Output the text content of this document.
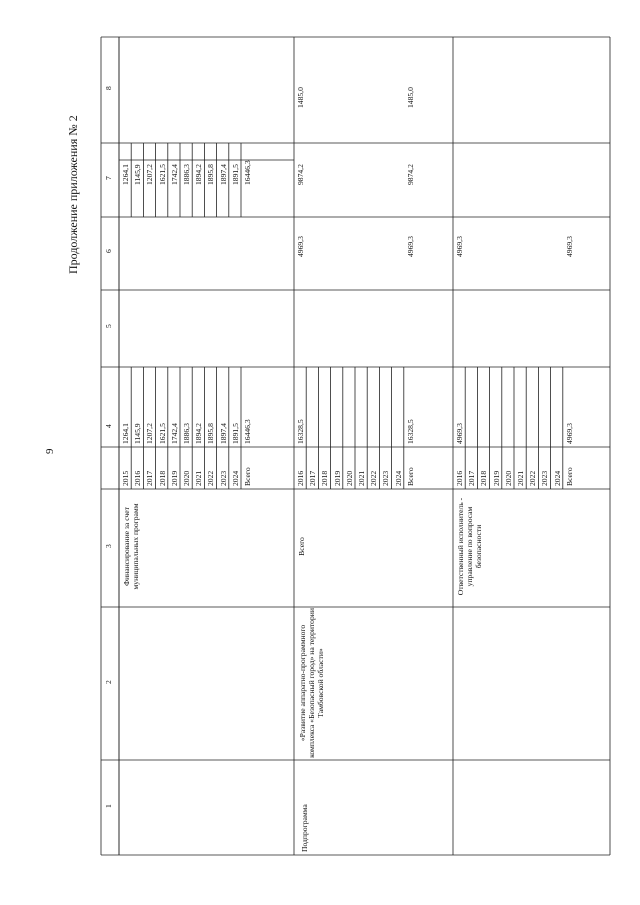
9
Продолжение приложения № 2
1
2
3
4
5
6
7
8
Финансирование за счет муниципальных программ
2015
1264,1
1264,1
2016
1145,9
1145,9
2017
1207,2
1207,2
2018
1621,5
1621,5
2019
1742,4
1742,4
2020
1886,3
1886,3
2021
1894,2
1894,2
2022
1895,8
1895,8
2023
1897,4
1897,4
2024
1891,5
1891,5
Всего
16446,3
16446,3
Подпрограмма
«Развитие аппаратно-программного комплекса «Безопасный город» на территории Тамбовской области»
Всего
2016
16328,5
4969,3
9874,2
1485,0
2017 2018 2019 2020 2021 2022 2023 2024 Всего
16328,5
4969,3
9874,2
1485,0
Ответственный исполнитель - управление по вопросам безопасности
2016
4969,3
4969,3
2017 2018 2019 2020 2021 2022 2023 2024 Всего
4969,3
4969,3
